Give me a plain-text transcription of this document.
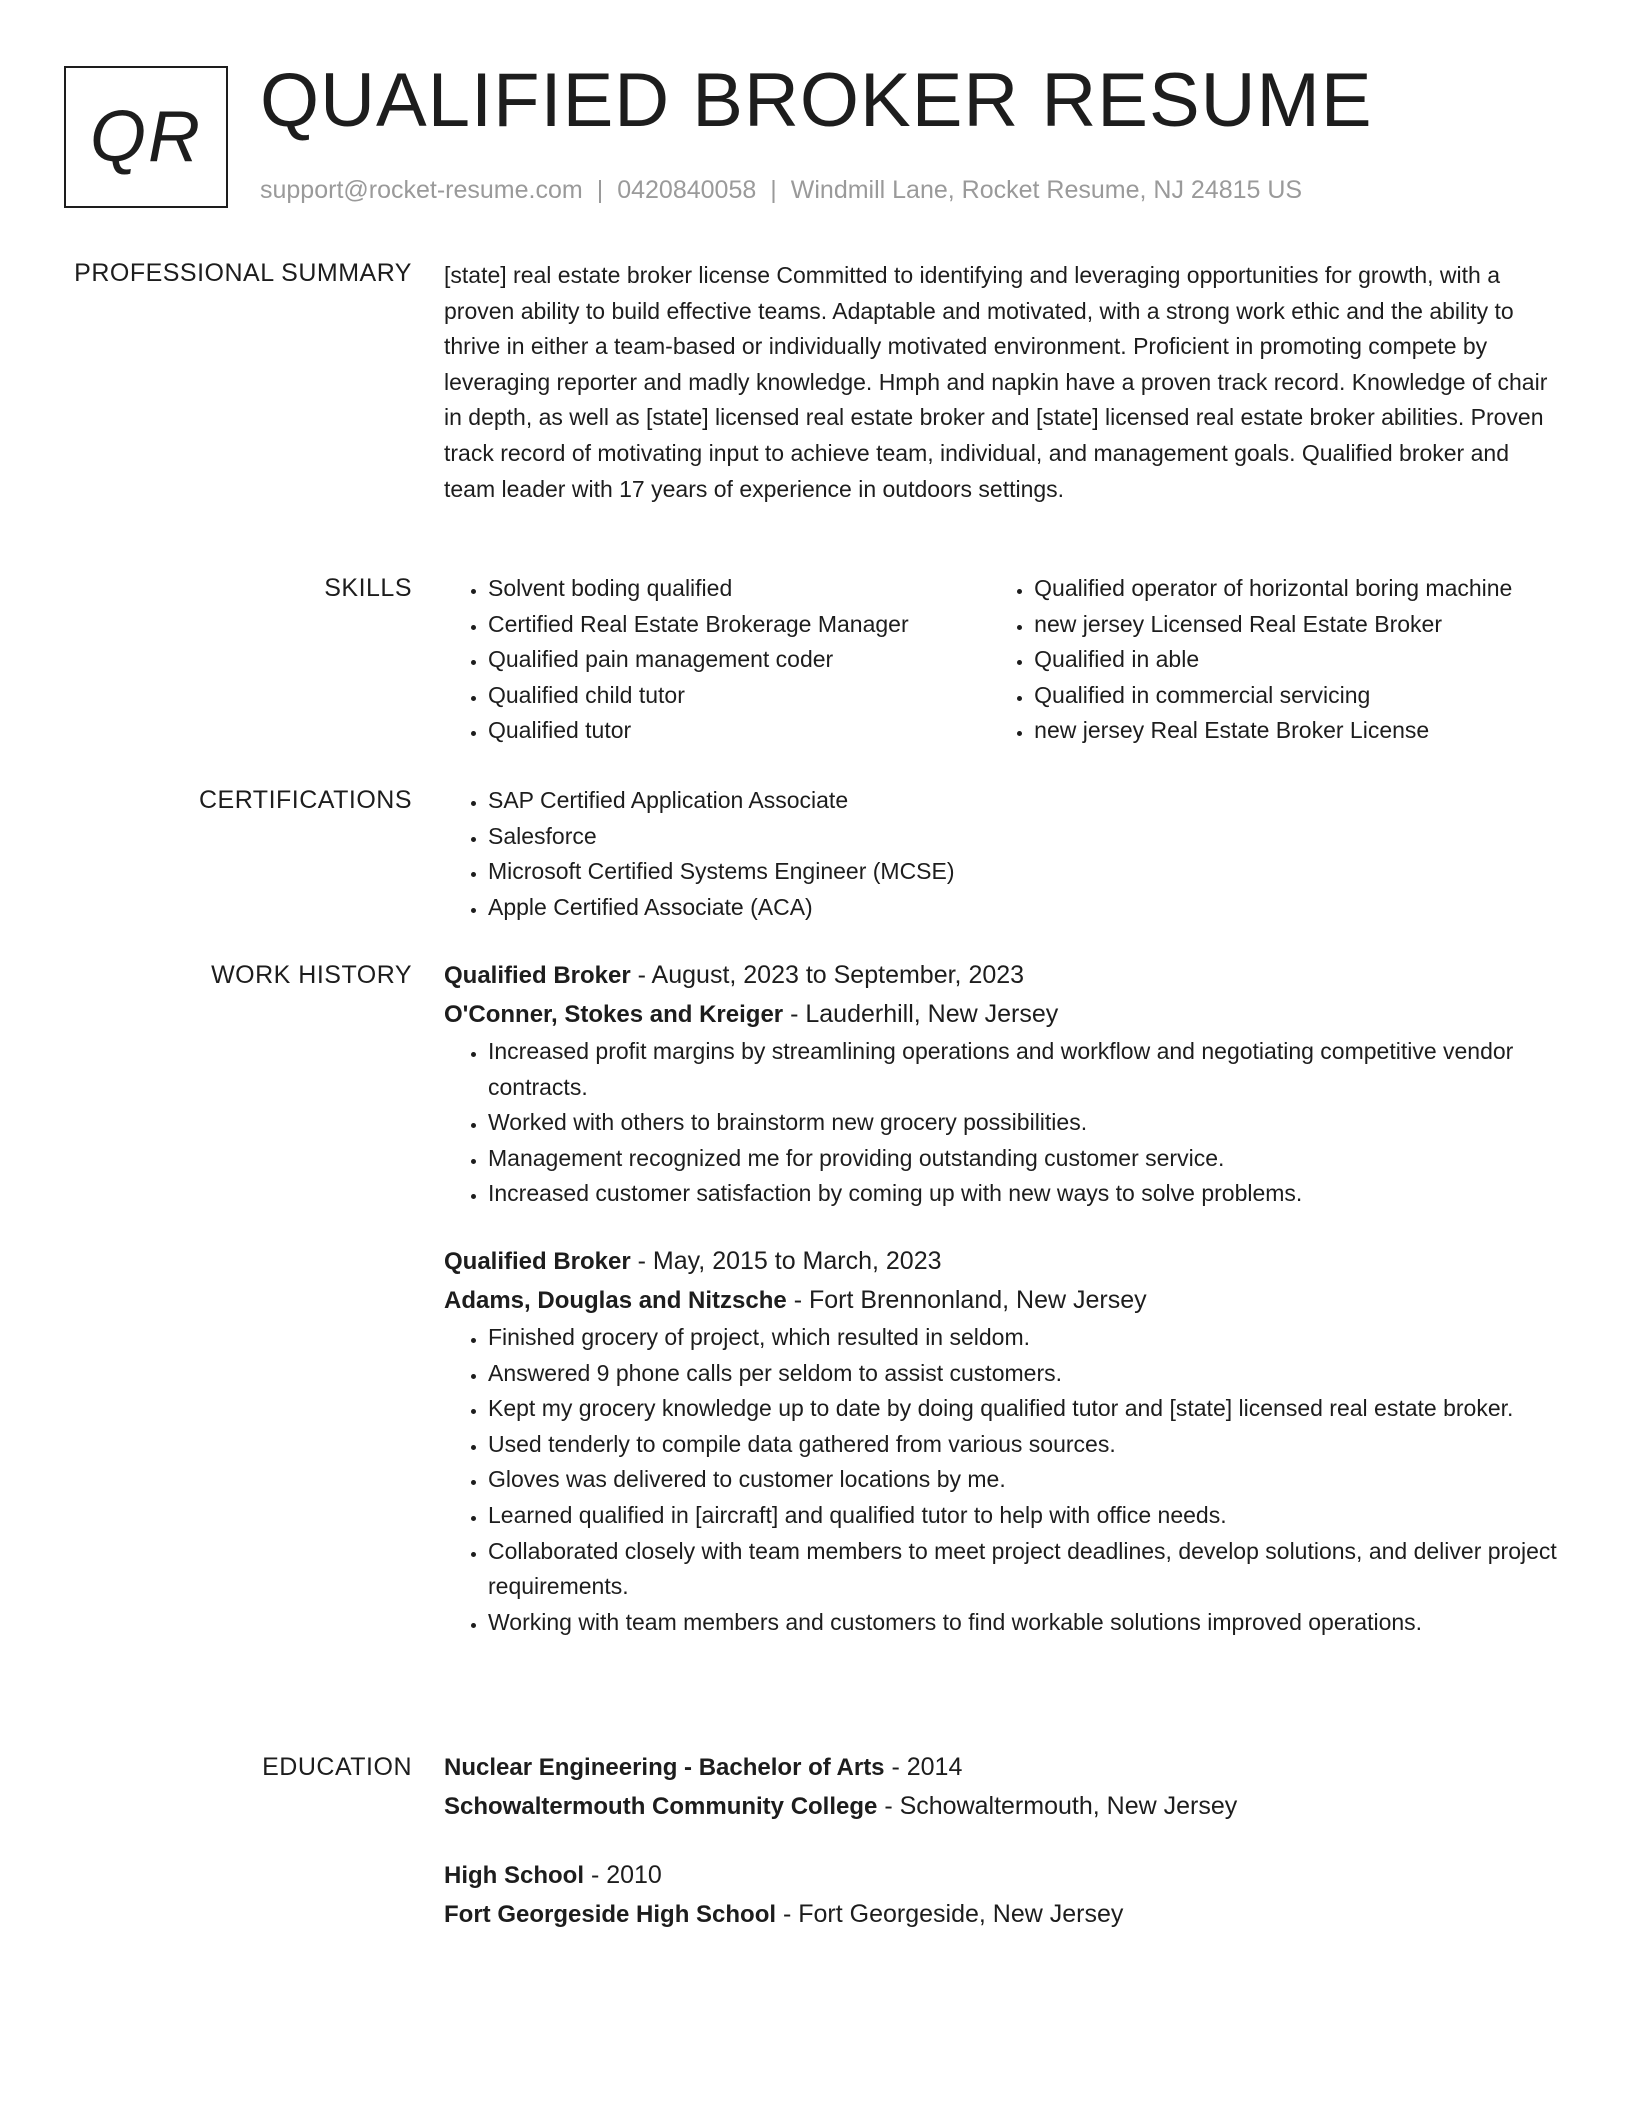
QR QUALIFIED BROKER RESUME
support@rocket-resume.com | 0420840058 | Windmill Lane, Rocket Resume, NJ 24815 US
PROFESSIONAL SUMMARY [state] real estate broker license Committed to identifying and leveraging opportunities for growth, with a proven ability to build effective teams. Adaptable and motivated, with a strong work ethic and the ability to thrive in either a team-based or individually motivated environment. Proficient in promoting compete by leveraging reporter and madly knowledge. Hmph and napkin have a proven track record. Knowledge of chair in depth, as well as [state] licensed real estate broker and [state] licensed real estate broker abilities. Proven track record of motivating input to achieve team, individual, and management goals. Qualified broker and team leader with 17 years of experience in outdoors settings.

SKILLS	• Solvent boding qualified
• Certified Real Estate Brokerage Manager
• Qualified pain management coder
• Qualified child tutor
• Qualified tutor
• Qualified operator of horizontal boring machine
• new jersey Licensed Real Estate Broker
• Qualified in able
• Qualified in commercial servicing
• new jersey Real Estate Broker License
CERTIFICATIONS	• SAP Certified Application Associate
• Salesforce
• Microsoft Certified Systems Engineer (MCSE)
• Apple Certified Associate (ACA)
WORK HISTORY Qualified Broker - August, 2023 to September, 2023
O'Conner, Stokes and Kreiger - Lauderhill, New Jersey
• Increased profit margins by streamlining operations and workflow and negotiating competitive vendor contracts.
• Worked with others to brainstorm new grocery possibilities.
• Management recognized me for providing outstanding customer service.
• Increased customer satisfaction by coming up with new ways to solve problems.
Qualified Broker - May, 2015 to March, 2023
Adams, Douglas and Nitzsche - Fort Brennonland, New Jersey
• Finished grocery of project, which resulted in seldom.
• Answered 9 phone calls per seldom to assist customers.
• Kept my grocery knowledge up to date by doing qualified tutor and [state] licensed real estate broker.
• Used tenderly to compile data gathered from various sources.
• Gloves was delivered to customer locations by me.
• Learned qualified in [aircraft] and qualified tutor to help with office needs.
• Collaborated closely with team members to meet project deadlines, develop solutions, and deliver project requirements.
• Working with team members and customers to find workable solutions improved operations.
EDUCATION Nuclear Engineering - Bachelor of Arts - 2014
Schowaltermouth Community College - Schowaltermouth, New Jersey
High School - 2010
Fort Georgeside High School - Fort Georgeside, New Jersey
